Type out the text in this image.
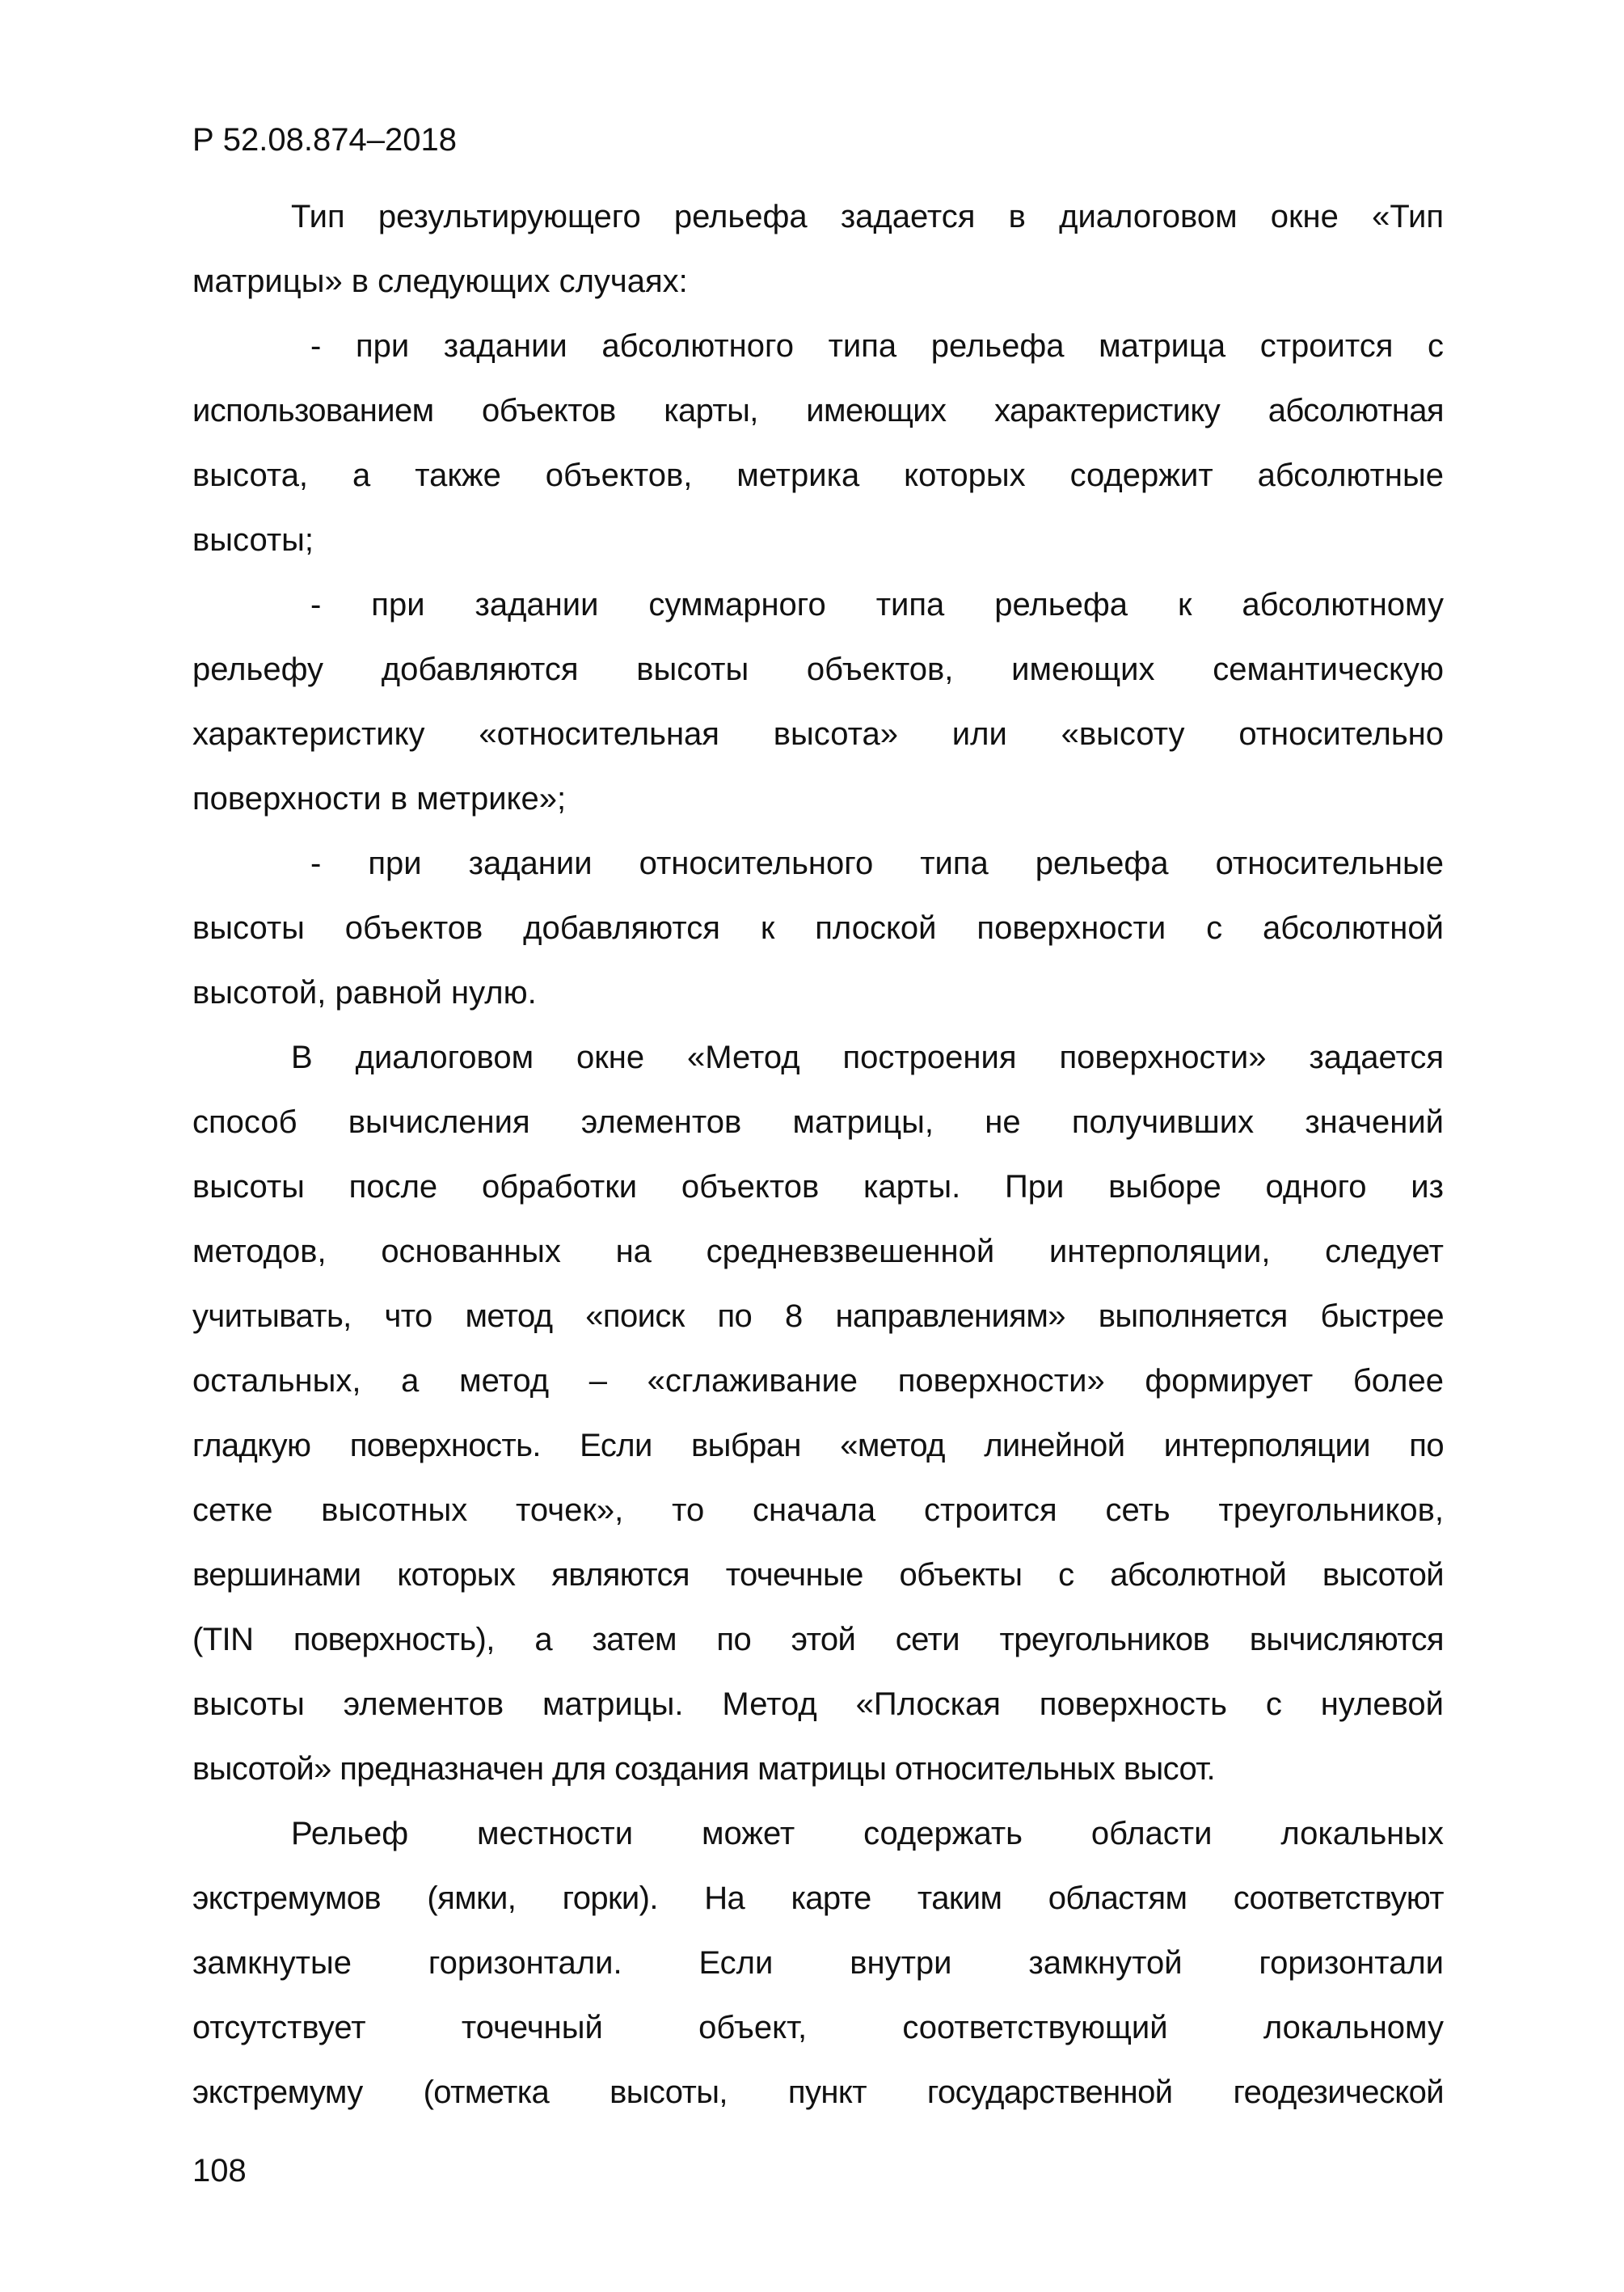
Р 52.08.874–2018
Тип результирующего рельефа задается в диалоговом окне «Тип
матрицы» в следующих случаях:
- при задании абсолютного типа рельефа матрица строится с
использованием объектов карты, имеющих характеристику абсолютная
высота, а также объектов, метрика которых содержит абсолютные
высоты;
- при задании суммарного типа рельефа к абсолютному
рельефу добавляются высоты объектов, имеющих семантическую
характеристику «относительная высота» или «высоту относительно
поверхности в метрике»;
- при задании относительного типа рельефа относительные
высоты объектов добавляются к плоской поверхности с абсолютной
высотой, равной нулю.
В диалоговом окне «Метод построения поверхности» задается
способ вычисления элементов матрицы, не получивших значений
высоты после обработки объектов карты. При выборе одного из
методов, основанных на средневзвешенной интерполяции, следует
учитывать, что метод «поиск по 8 направлениям» выполняется быстрее
остальных, а метод – «сглаживание поверхности» формирует более
гладкую поверхность. Если выбран «метод линейной интерполяции по
сетке высотных точек», то сначала строится сеть треугольников,
вершинами которых являются точечные объекты с абсолютной высотой
(TIN поверхность), а затем по этой сети треугольников вычисляются
высоты элементов матрицы. Метод «Плоская поверхность с нулевой
высотой» предназначен для создания матрицы относительных высот.
Рельеф местности может содержать области локальных
экстремумов (ямки, горки). На карте таким областям соответствуют
замкнутые горизонтали. Если внутри замкнутой горизонтали
отсутствует точечный объект, соответствующий локальному
экстремуму (отметка высоты, пункт государственной геодезической
108
